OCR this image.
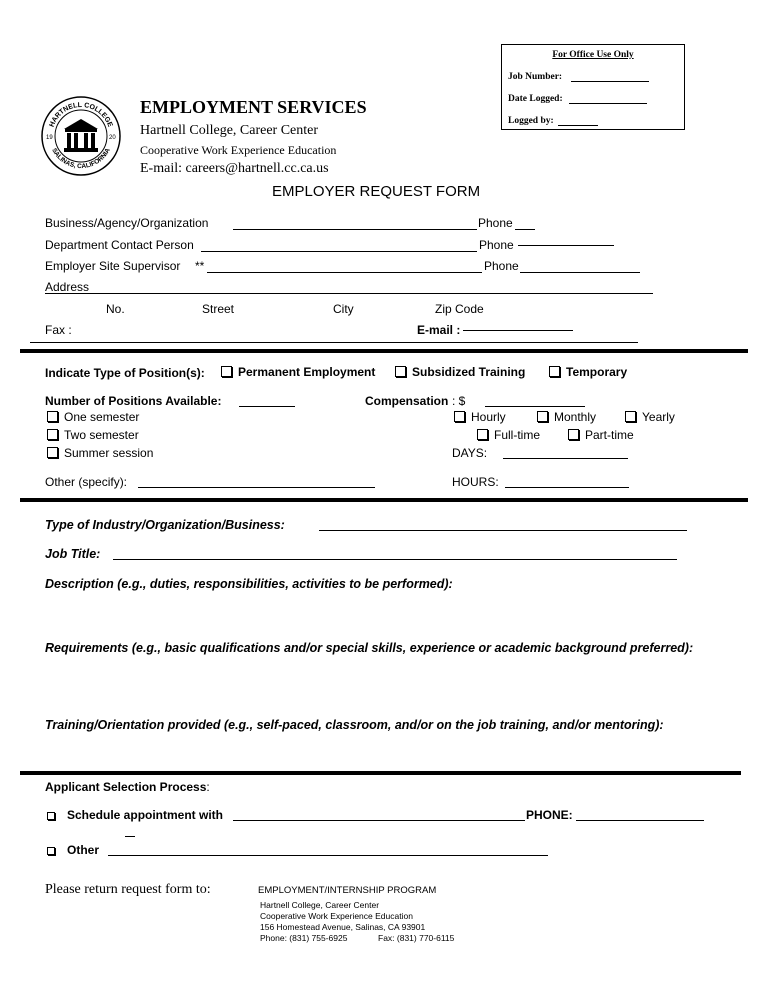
For Office Use Only
Job Number:
Date Logged:
Logged by:
HARTNELL COLLEGE
SALINAS, CALIFORNIA
19	20
EMPLOYMENT SERVICES
Hartnell College, Career Center
Cooperative Work Experience Education
E-mail: careers@hartnell.cc.ca.us
EMPLOYER REQUEST FORM
Business/Agency/Organization	Phone
Department Contact Person	Phone
Employer Site Supervisor **	Phone
Address
No.	Street	City	Zip Code
Fax :	E-mail :
Indicate Type of Position(s):	Permanent Employment	Subsidized Training	Temporary
Number of Positions Available:	Compensation : $
One semester
Two semester
Summer session
Hourly	Monthly	Yearly
Full-time	Part-time
DAYS:
Other (specify):	HOURS:
Type of Industry/Organization/Business:
Job Title:
Description (e.g., duties, responsibilities, activities to be performed):
Requirements (e.g., basic qualifications and/or special skills, experience or academic background preferred):
Training/Orientation provided (e.g., self-paced, classroom, and/or on the job training, and/or mentoring):
Applicant Selection Process:
Schedule appointment with	PHONE:
Other
Please return request form to:	EMPLOYMENT/INTERNSHIP PROGRAM
Hartnell College, Career Center
Cooperative Work Experience Education
156 Homestead Avenue, Salinas, CA 93901
Phone: (831) 755-6925	Fax: (831) 770-6115
